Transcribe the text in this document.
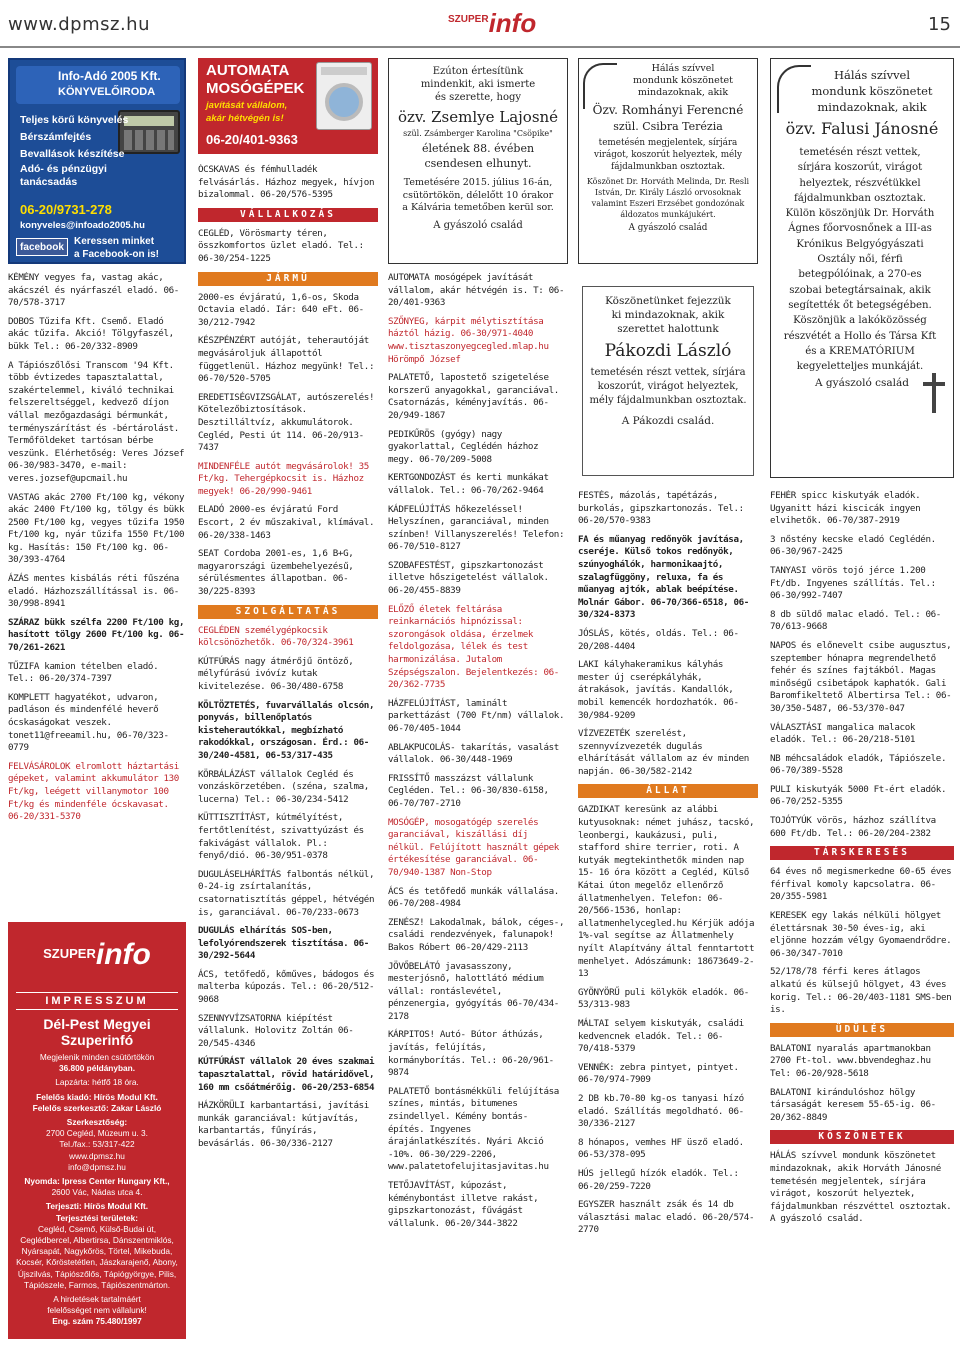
www.dpmsz.hu	$^{SZUPER}$info	15
Info-Adó 2005 Kft.
KÖNYVELŐIRODA
Teljes körű könyvelés
Bérszámfejtés
Bevallások készítése
Adó- és pénzügyi tanácsadás
06-20/9731-278
konyveles@infoado2005.hu
facebook
Keressen minket
a Facebook-on is!

KÉMÉNY vegyes fa, vastag akác, akácszél és nyárfaszél eladó. 06-70/578-3717

DOBOS Tűzifa Kft. Csemő. Eladó akác tűzifa. Akció! Tölgyfaszél, bükk Tel.: 06-20/332-8909

A Tápiószőlősi Transcom '94 Kft. több évtizedes tapasztalattal, szakértelemmel, kiváló technikai felszereltséggel, kedvező díjon vállal mezőgazdasági bérmunkát, terményszárítást és -bértárolást. Termőföldeket tartósan bérbe veszünk. Elérhetőség: Veres József 06-30/983-3470, e-mail: veres.jozsef@upcmail.hu

VASTAG akác 2700 Ft/100 kg, vékony akác 2400 Ft/100 kg, tölgy és bükk 2500 Ft/100 kg, vegyes tűzifa 1950 Ft/100 kg, nyár tűzifa 1550 Ft/100 kg. Hasítás: 150 Ft/100 kg. 06-30/393-4764

ÁZÁS mentes kisbálás réti fűszéna eladó. Házhozszállítással is. 06-30/998-8941

SZÁRAZ bükk szélfa 2200 Ft/100 kg, hasított tölgy 2600 Ft/100 kg. 06-70/261-2621

TŰZIFA kamion tételben eladó. Tel.: 06-20/374-7397

KOMPLETT hagyatékot, udvaron, padláson és mindenfélé heverő ócskaságokat veszek. tonet11@freeamil.hu, 06-70/323-0779

FELVÁSÁROLOK elromlott háztartási gépeket, valamint akkumulátor 130 Ft/kg, leégett villanymotor 100 Ft/kg és mindenféle ócskavasat. 06-20/331-5370

$^{SZUPER}$info
IMPRESSZUM
Dél-Pest Megyei
Szuperinfó
Megjelenik minden csütörtökön
36.800 példányban.
Lapzárta: hétfő 18 óra.
Felelős kiadó: Hírös Modul Kft.
Felelős szerkesztő: Zakar László
Szerkesztőség:
2700 Cegléd, Múzeum u. 3.
Tel./fax.: 53/317-422
www.dpmsz.hu
info@dpmsz.hu
Nyomda: Ipress Center Hungary Kft.,
2600 Vác, Nádas utca 4.
Terjeszti: Hírös Modul Kft.
Terjesztési területek:
Cegléd, Csemő, Külső-Budai út, Ceglédbercel, Albertirsa, Dánszentmiklós, Nyársapát, Nagykőrös, Törtel, Mikebuda, Kocsér, Kőröstetétlen, Jászkarajenő, Abony, Újszilvás, Tápiószőlős, Tápiógyörgye, Pilis, Tápiószele, Farmos, Tápiószentmárton.
A hirdetések tartalmáért
felelősséget nem vállalunk!
Eng. szám 75.480/1997
AUTOMATA
MOSÓGÉPEK
javítását vállalom,
akár hétvégén is!
06-20/401-9363

ÓCSKAVAS és fémhulladék felvásárlás. Házhoz megyek, hívjon bizalommal. 06-20/576-5395

VÁLLALKOZÁS

CEGLÉD, Vörösmarty téren, összkomfortos üzlet eladó. Tel.: 06-30/254-1225

JÁRMŰ

2000-es évjáratú, 1,6-os, Skoda Octavia eladó. Iár: 640 eFt. 06-30/212-7942

KÉSZPÉNZÉRT autóját, teherautóját megvásároljuk állapottól függetlenül. Házhoz megyünk! Tel.: 06-70/520-5705

EREDETISÉGVIZSGÁLAT, autószerelés! Kötelezőbiztosítások. Desztilláltvíz, akkumulátorok. Cegléd, Pesti út 114. 06-20/913-7437

MINDENFÉLE autót megvásárolok! 35 Ft/kg. Tehergépkocsit is. Házhoz megyek! 06-20/990-9461

ELADÓ 2000-es évjáratú Ford Escort, 2 év műszakival, klímával. 06-20/338-1463

SEAT Cordoba 2001-es, 1,6 B+G, magyarországi üzembehelyezésű, sérülésmentes állapotban. 06-30/225-8393

SZOLGÁLTATÁS

CEGLÉDEN személygépkocsik kölcsönözhetők. 06-70/324-3961

KÚTFÚRÁS nagy átmérőjű öntöző, mélyfúrású ivóvíz kutak kivitelezése. 06-30/480-6758

KÖLTÖZTETÉS, fuvarvállalás olcsón, ponyvás, billenőplatós kisteherautókkal, megbízható rakodókkal, országosan. Érd.: 06-30/240-4581, 06-53/317-435

KÖRBÁLÁZÁST vállalok Cegléd és vonzáskörzetében. (széna, szalma, lucerna) Tel.: 06-30/234-5412

KÜTTISZTÍTÁST, kútmélyítést, fertőtlenítést, szivattyúzást és fakivágást vállalok. Pl.: fenyő/dió. 06-30/951-0378

DUGULÁSELHÁRÍTÁS falbontás nélkül, 0-24-ig zsírtalanítás, csatornatisztítás géppel, hétvégén is, garanciával. 06-70/233-0673

DUGULÁS elhárítás SOS-ben, lefolyórendszerek tisztítása. 06-30/292-5644

ÁCS, tetőfedő, kőműves, bádogos és malterba kúpozás. Tel.: 06-20/512-9068

SZENNYVÍZSATORNA kiépítést vállalunk. Holovitz Zoltán 06-20/545-4346

KÚTFÚRÁST vállalok 20 éves szakmai tapasztalattal, rövid határidővel, 160 mm csőátmérőig. 06-20/253-6854

HÁZKÖRÜLI karbantartási, javítási munkák garanciával: kútjavítás, karbantartás, fűnyírás, bevásárlás. 06-30/336-2127

Ezúton értesítünk
mindenkit, aki ismerte
és szerette, hogy
özv. Zsemlye Lajosné
szül. Zsámberger Karolina "Csöpike"
életének 88. évében
csendesen elhunyt.
Temetésére 2015. július 16-án, csütörtökön, délelőtt 10 órakor a Kálvária temetőben kerül sor.
A gyászoló család

AUTOMATA mosógépek javítását vállalom, akár hétvégén is. T: 06-20/401-9363

SZŐNYEG, kárpit mélytisztítása háztól házig. 06-30/971-4040 www.tisztaszonyegcegled.mlap.hu Hörömpő József

PALATETŐ, lapostető szigetelése korszerű anyagokkal, garanciával. Csatornázás, kéményjavítás. 06-20/949-1867

PEDIKŰRÖS (gyógy) nagy gyakorlattal, Ceglédén házhoz megy. 06-70/209-5008

KERTGONDOZÁST és kerti munkákat vállalok. Tel.: 06-70/262-9464

KÁDFELÚJÍTÁS hőkezeléssel! Helyszínen, garanciával, minden színben! Villanyszerelés! Telefon: 06-70/510-8127

SZOBAFESTÉST, gipszkartonozást illetve hőszigetelést vállalok. 06-20/455-8839

ELŐZŐ életek feltárása reinkarnációs hipnózissal: szorongások oldása, érzelmek feldolgozása, lélek és test harmonizálása. Jutalom Szépségszalon. Bejelentkezés: 06-20/362-7735

HÁZFELÚJÍTÁST, laminált parkettázást (700 Ft/nm) vállalok. 06-70/405-1044

ABLAKPUCOLÁS- takarítás, vasalást vállalok. 06-30/448-1969

FRISSÍTŐ masszázst vállalunk Cegléden. Tel.: 06-30/830-6158, 06-70/707-2710

MOSÓGÉP, mosogatógép szerelés garanciával, kiszállási díj nélkül. Felújított használt gépek értékesítése garanciával. 06-70/940-1387 Non-Stop

ÁCS és tetőfedő munkák vállalása. 06-70/208-4984

ZENÉSZ! Lakodalmak, bálok, céges-, családi rendezvények, falunapok! Bakos Róbert 06-20/429-2113

JÖVŐBELÁTÓ javasasszony, mesterjósnő, halottlátó médium vállal: rontáslevétel, pénzenergia, gyógyítás 06-70/434-2178

KÁRPITOS! Autó- Bútor áthúzás, javítás, felújítás, kormányborítás. Tel.: 06-20/961-9874

PALATETŐ bontásmékküli felújítása színes, mintás, bitumenes zsindellyel. Kémény bontás- építés. Ingyenes árajánlatkészítés. Nyári Akció -10%. 06-30/229-2206, www.palatetofelujitasjavitas.hu

TETŐJAVÍTÁST, kúpozást, kéménybontást illetve rakást, gipszkartonozást, fűvágást vállalunk. 06-20/344-3822

Hálás szívvel
mondunk köszönetet
mindazoknak, akik
Özv. Romhányi Ferencné
szül. Csibra Terézia
temetésén megjelentek, sírjára virágot, koszorút helyeztek, mély fájdalmunkban osztoztak.
Köszönet Dr. Horváth Melinda, Dr. Resli István, Dr. Király László orvosoknak valamint Eszeri Erzsébet gondozónak áldozatos munkájukért.
A gyászoló család
Köszönetünket fejezzük
ki mindazoknak, akik
szerettet halottunk
Pákozdi László
temetésén részt vettek, sírjára koszorút, virágot helyeztek, mély fájdalmunkban osztoztak.
A Pákozdi család.

FESTÉS, mázolás, tapétázás, burkolás, gipszkartonozás. Tel.: 06-20/570-9383

FA és műanyag redőnyök javítása, cseréje. Külső tokos redőnyök, szúnyoghálók, harmonikaajtó, szalagfüggöny, reluxa, fa és műanyag ajtók, ablak beépítése. Molnár Gábor. 06-70/366-6518, 06-30/324-8373

JÓSLÁS, kötés, oldás. Tel.: 06-20/208-4404

LAKI kályhakeramikus kályhás mester új cserépkályhák, átrakások, javítás. Kandallók, mobil kemencék hordozhatók. 06-30/984-9209

VÍZVEZETÉK szerelést, szennyvízvezeték dugulás elhárítását vállalom az év minden napján. 06-30/582-2142

ÁLLAT

GAZDIKAT keresünk az alábbi kutyusoknak: német juhász, tacskó, leonbergi, kaukázusi, puli, stafford shire terrier, roti. A kutyák megtekinthetők minden nap 15- 16 óra között a Cegléd, Külső Kátai úton megelőz ellenőrző állatmenhelyen. Telefon: 06-20/566-1536, honlap: allatmenhelycegled.hu Kérjük adója 1%-val segítse az Állatmenhely nyílt Alapítvány által fenntartott menhelyet. Adószámunk: 18673649-2-13

GYÖNYÖRŰ puli kölykök eladók. 06-53/313-983

MÁLTAI selyem kiskutyák, családi kedvencnek eladók. Tel.: 06-70/418-5379

VENNÉK: zebra pintyet, pintyet. 06-70/974-7909

2 DB kb.70-80 kg-os tanyasi hízó eladó. Szállítás megoldható. 06-30/336-2127

8 hónapos, vemhes HF üsző eladó. 06-53/378-095

HÚS jellegű hízók eladók. Tel.: 06-20/259-7220

EGYSZER használt zsák és 14 db választási malac eladó. 06-20/574-2770

Hálás szívvel
mondunk köszönetet
mindazoknak, akik
özv. Falusi Jánosné
temetésén részt vettek, sírjára koszorút, virágot helyeztek, részvétükkel fájdalmunkban osztoztak. Külön köszönjük Dr. Horváth Ágnes főorvosnőnek a III-as Krónikus Belgyógyászati Osztály női, férfi betegpólóinak, a 270-es szobai betegtársainak, akik segítették őt betegségében. Köszönjük a lakóközösség részvétét a Hollo és Társa Kft és a KREMATÓRIUM kegyeletteljes munkáját.
A gyászoló család

FEHÉR spicc kiskutyák eladók. Ugyanitt házi kiscicák ingyen elvihetők. 06-70/387-2919

3 nőstény kecske eladó Ceglédén. 06-30/967-2425

TANYASI vörös tojó jérce 1.200 Ft/db. Ingyenes szállítás. Tel.: 06-30/992-7407

8 db süldő malac eladó. Tel.: 06-70/613-9668

NAPOS és előnevelt csibe augusztus, szeptember hónapra megrendelhető fehér és színes fajtákból. Magas minőségű csibetápok kaphatók. Gali Baromfikeltető Albertirsa Tel.: 06-30/350-5487, 06-53/370-047

VÁLASZTÁSI mangalica malacok eladók. Tel.: 06-20/218-5101

NB méhcsaládok eladók, Tápiószele. 06-70/389-5528

PULI kiskutyák 5000 Ft-ért eladók. 06-70/252-5355

TOJÓTYÚK vörös, házhoz szállítva 600 Ft/db. Tel.: 06-20/204-2382

TÁRSKERESÉS

64 éves nő megismerkedne 60-65 éves férfival komoly kapcsolatra. 06-20/355-5981

KERESEK egy lakás nélküli hölgyet élettársnak 30-50 éves-ig, aki eljönne hozzám vélgy Gyomaendrődre. 06-30/347-7010

52/178/78 férfi keres átlagos alkatú és külsejű hölgyet, 43 éves korig. Tel.: 06-20/403-1181 SMS-ben is.

ÜDÜLÉS

BALATONI nyaralás apartmanokban 2700 Ft-tol. www.bbvendeghaz.hu Tel: 06-20/928-5618

BALATONI kirándulóshoz hölgy társaságát keresem 55-65-ig. 06-20/362-8849

KÖSZÖNETEK

HÁLÁS szívvel mondunk köszönetet mindazoknak, akik Horváth Jánosné temetésén megjelentek, sírjára virágot, koszorút helyeztek, fájdalmunkban részvéttel osztoztak. A gyászoló család.
